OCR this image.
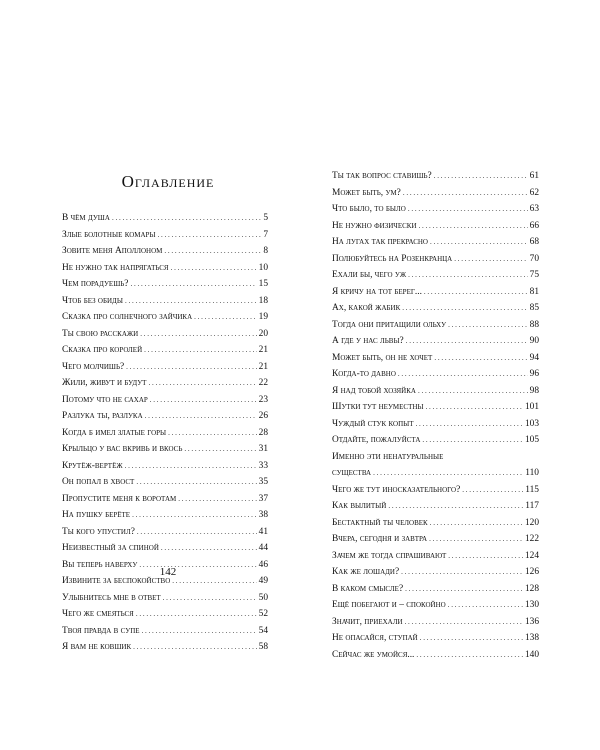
Оглавление
В чём душа . . .	5
Злые болотные комары . . .	7
Зовите меня Аполлоном . . .	8
Не нужно так напрягаться . . .	10
Чем порадуешь? . . .	15
Чтоб без обиды . . .	18
Сказка про солнечного зайчика . . .	19
Ты свою расскажи . . .	20
Сказка про королей . . .	21
Чего молчишь? . . .	21
Жили, живут и будут . . .	22
Потому что не сахар . . .	23
Разлука ты, разлука . . .	26
Когда б имел златые горы . . .	28
Крыльцо у вас вкривь и вкось . . .	31
Крутёж-вертёж . . .	33
Он попал в хвост . . .	35
Пропустите меня к воротам . . .	37
На пушку берёте . . .	38
Ты кого упустил? . . .	41
Неизвестный за спиной . . .	44
Вы теперь наверху . . .	46
Извините за беспокойство . . .	49
Улыбнитесь мне в ответ . . .	50
Чего же смеяться . . .	52
Твоя правда в супе . . .	54
Я вам не ковшик . . .	58
Ты так вопрос ставишь? . . .	61
Может быть, ум? . . .	62
Что было, то было . . .	63
Не нужно физически . . .	66
На лугах так прекрасно . . .	68
Полюбуйтесь на Розенкранца . . .	70
Ехали бы, чего уж . . .	75
Я кричу на тот берег... . . .	81
Ах, какой жабик . . .	85
Тогда они притащили ольху . . .	88
А где у нас львы? . . .	90
Может быть, он не хочет . . .	94
Когда-то давно . . .	96
Я над тобой хозяйка . . .	98
Шутки тут неуместны . . .	101
Чуждый стук копыт . . .	103
Отдайте, пожалуйста . . .	105
Именно эти ненатуральные
существа . . .	110
Чего же тут иносказательного? . . .	115
Как вылитый . . .	117
Бестактный ты человек . . .	120
Вчера, сегодня и завтра . . .	122
Зачем же тогда спрашивают . . .	124
Как же лошади? . . .	126
В каком смысле? . . .	128
Ещё побегают и – спокойно . . .	130
Значит, приехали . . .	136
Не опасайся, ступай . . .	138
Сейчас же умойся... . . .	140
142
